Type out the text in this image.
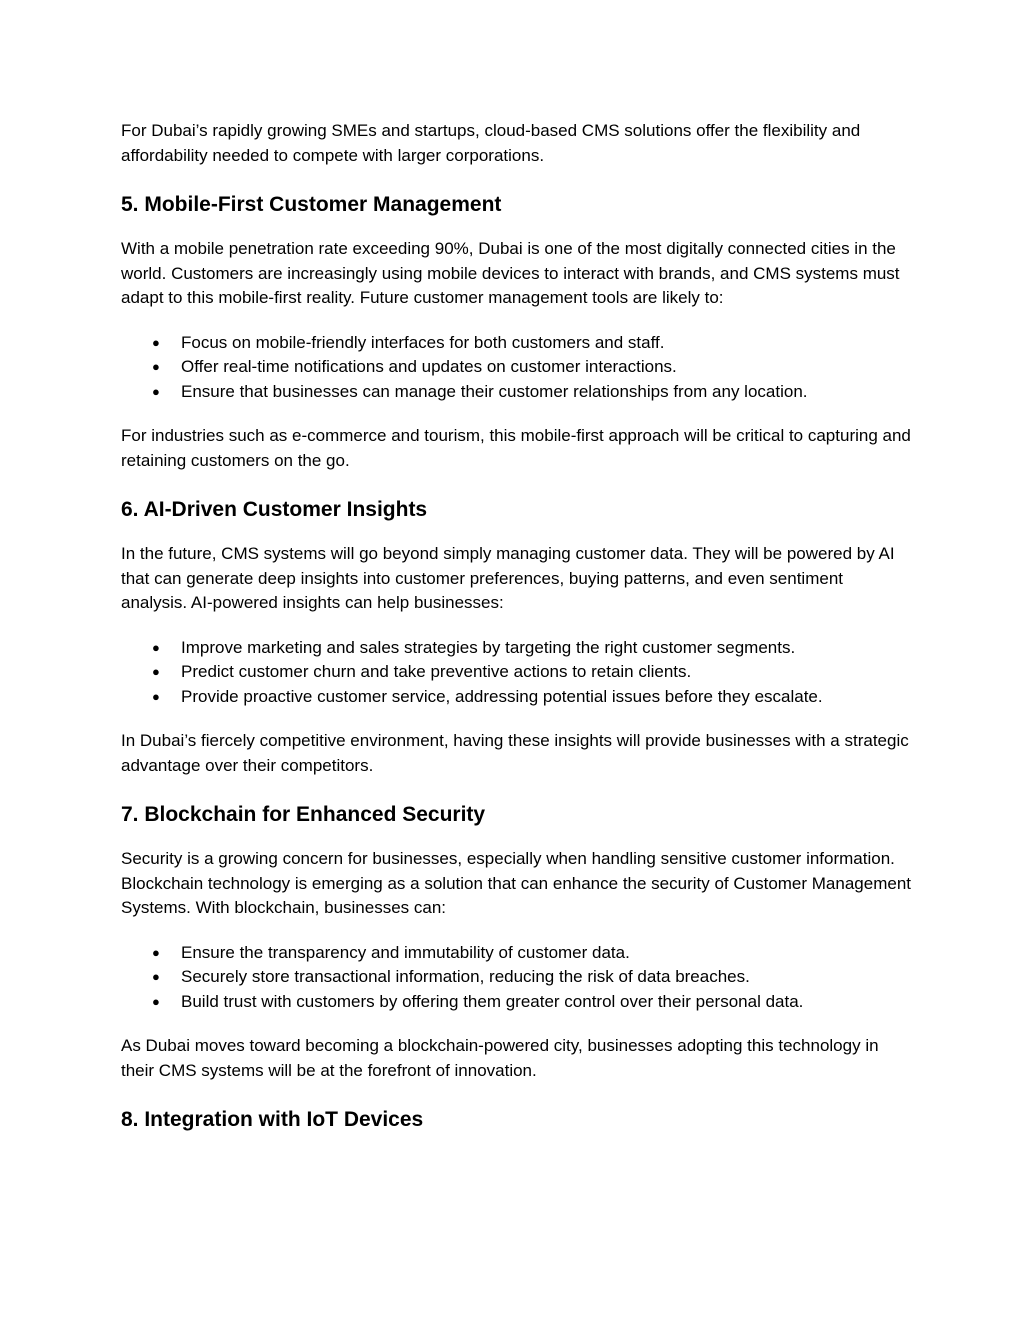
For Dubai’s rapidly growing SMEs and startups, cloud-based CMS solutions offer the flexibility and affordability needed to compete with larger corporations.

5. Mobile-First Customer Management

With a mobile penetration rate exceeding 90%, Dubai is one of the most digitally connected cities in the world. Customers are increasingly using mobile devices to interact with brands, and CMS systems must adapt to this mobile-first reality. Future customer management tools are likely to:

● Focus on mobile-friendly interfaces for both customers and staff.
● Offer real-time notifications and updates on customer interactions.
● Ensure that businesses can manage their customer relationships from any location.

For industries such as e-commerce and tourism, this mobile-first approach will be critical to capturing and retaining customers on the go.

6. AI-Driven Customer Insights

In the future, CMS systems will go beyond simply managing customer data. They will be powered by AI that can generate deep insights into customer preferences, buying patterns, and even sentiment analysis. AI-powered insights can help businesses:

● Improve marketing and sales strategies by targeting the right customer segments.
● Predict customer churn and take preventive actions to retain clients.
● Provide proactive customer service, addressing potential issues before they escalate.

In Dubai’s fiercely competitive environment, having these insights will provide businesses with a strategic advantage over their competitors.

7. Blockchain for Enhanced Security

Security is a growing concern for businesses, especially when handling sensitive customer information. Blockchain technology is emerging as a solution that can enhance the security of Customer Management Systems. With blockchain, businesses can:

● Ensure the transparency and immutability of customer data.
● Securely store transactional information, reducing the risk of data breaches.
● Build trust with customers by offering them greater control over their personal data.

As Dubai moves toward becoming a blockchain-powered city, businesses adopting this technology in their CMS systems will be at the forefront of innovation.

8. Integration with IoT Devices
